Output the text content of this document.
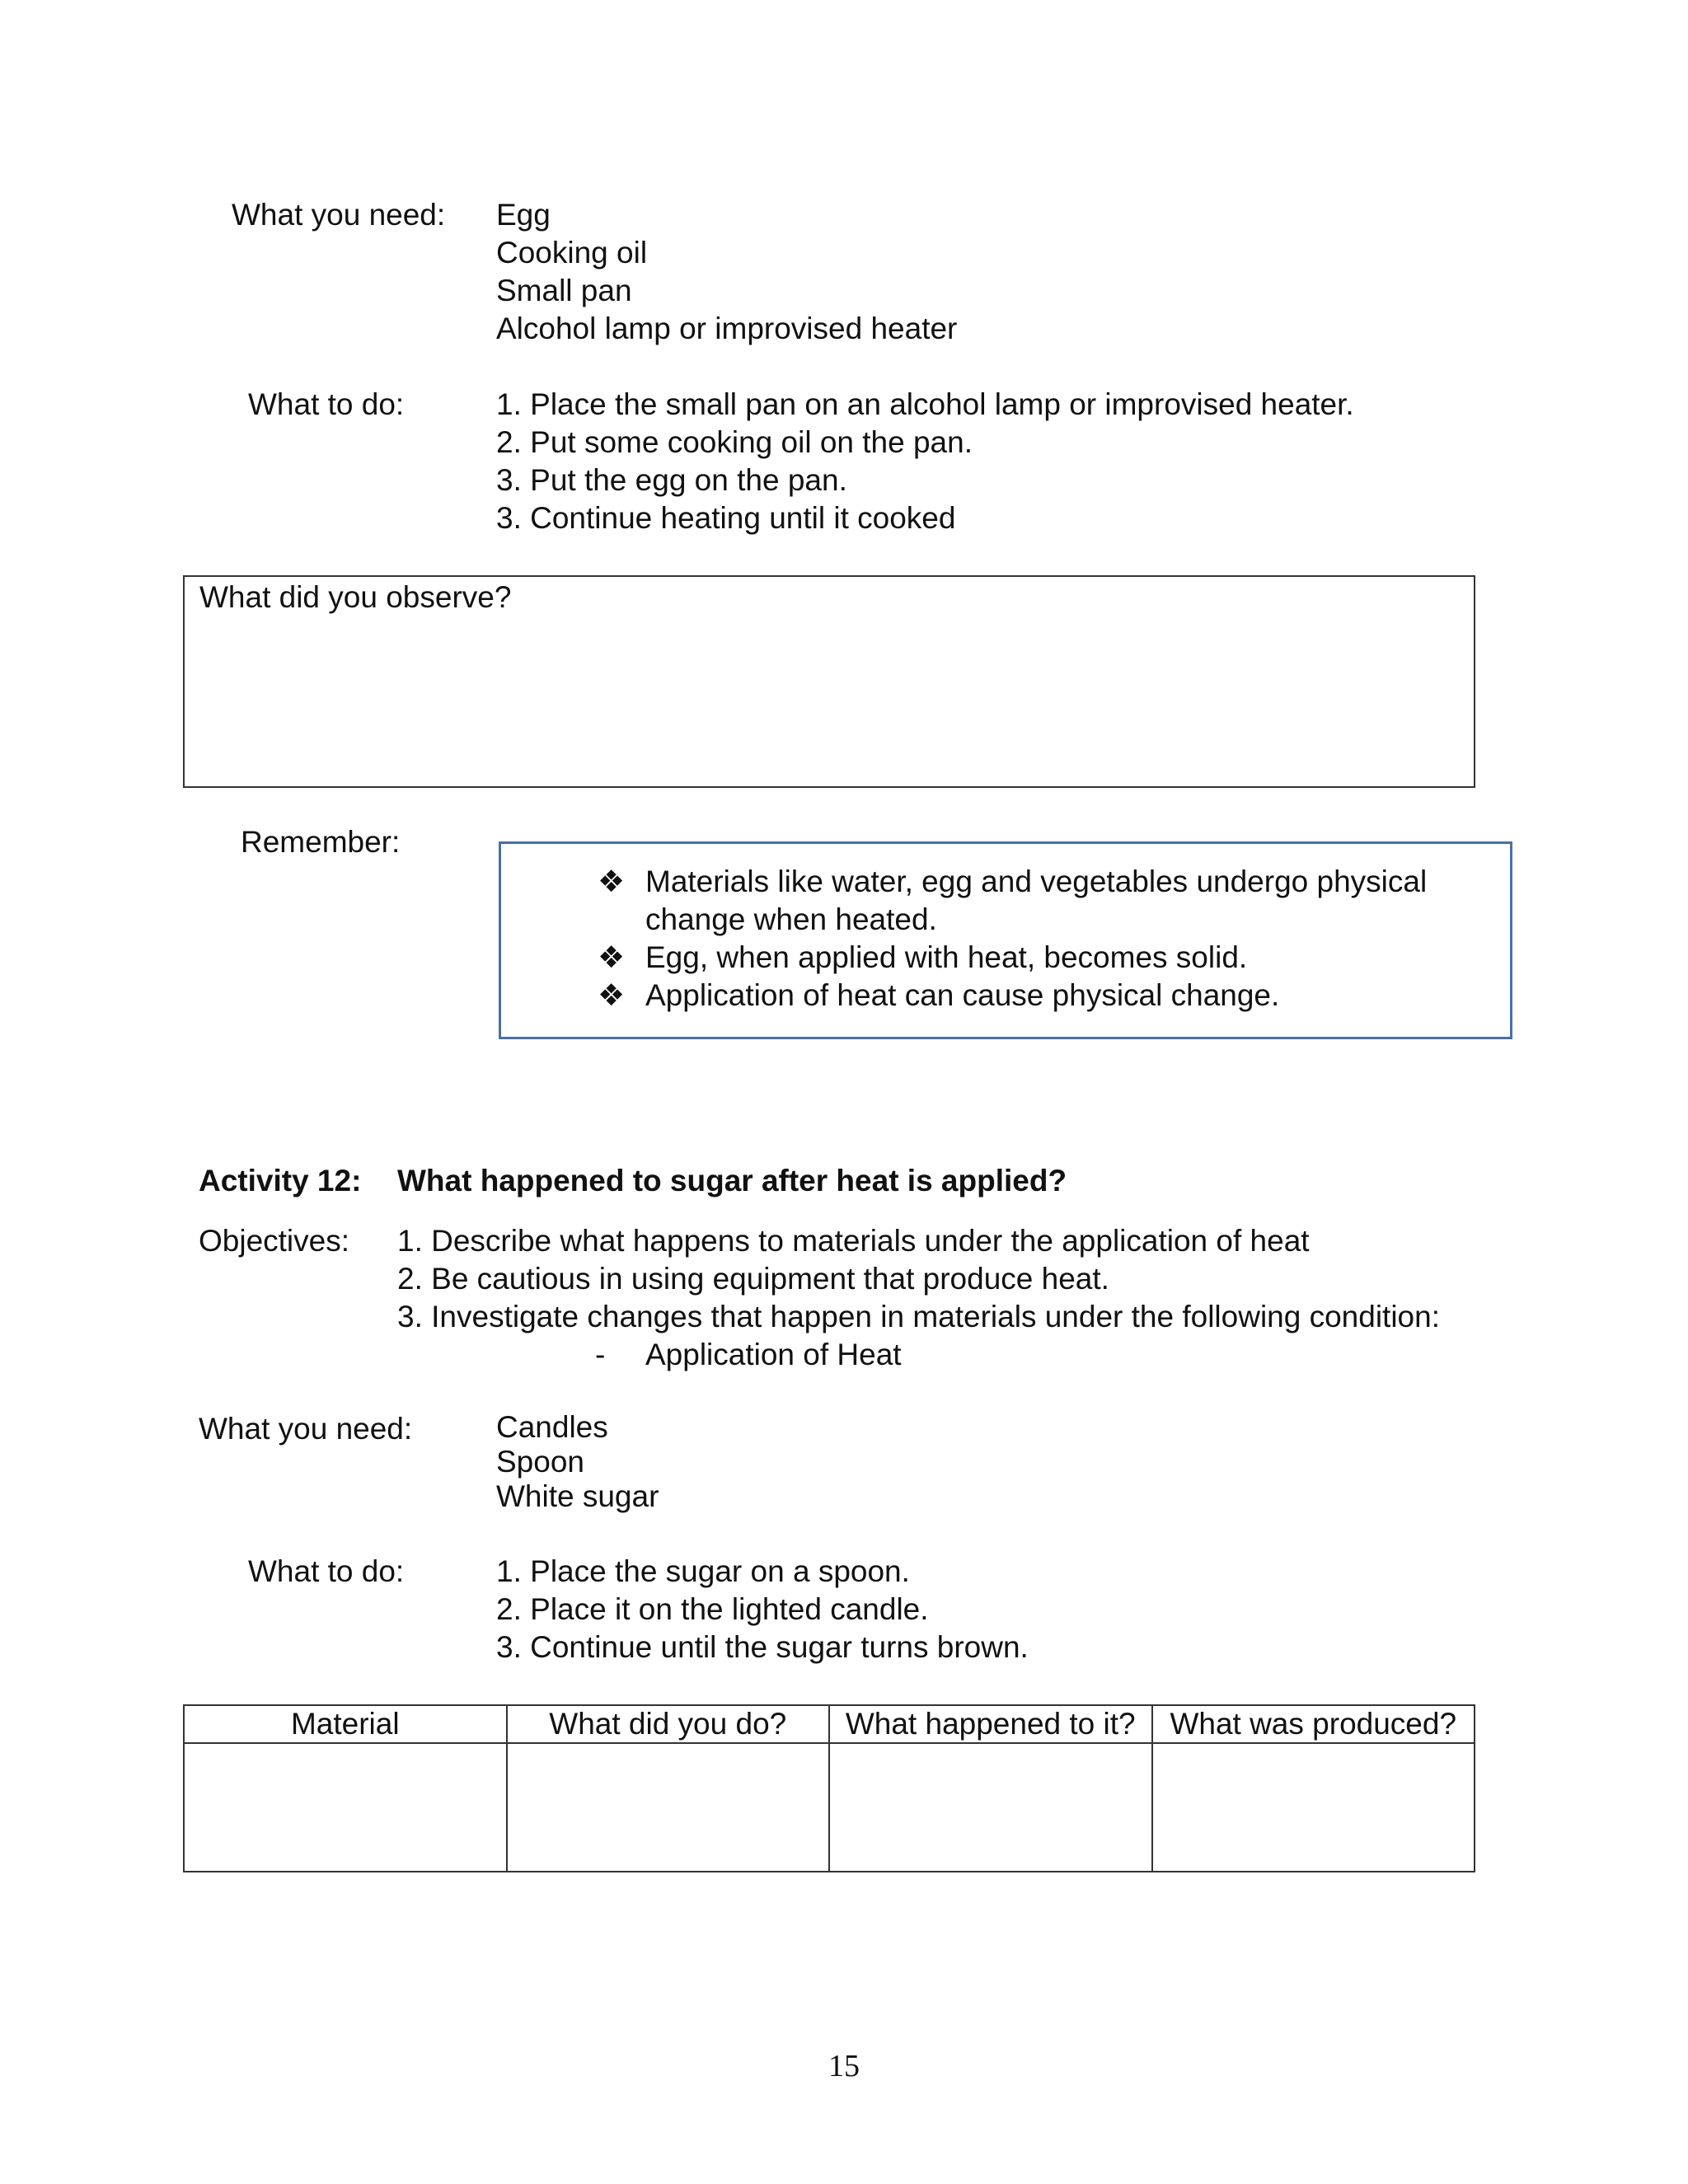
What you need: Egg
Cooking oil
Small pan
Alcohol lamp or improvised heater
What to do:	1. Place the small pan on an alcohol lamp or improvised heater.
2. Put some cooking oil on the pan.
3. Put the egg on the pan.
3. Continue heating until it cooked
What did you observe?
Remember:
❖ Materials like water, egg and vegetables undergo physical
change when heated.
❖ Egg, when applied with heat, becomes solid.
❖ Application of heat can cause physical change.
Activity 12: What happened to sugar after heat is applied?
Objectives: 1. Describe what happens to materials under the application of heat
2. Be cautious in using equipment that produce heat.
3. Investigate changes that happen in materials under the following condition:
- Application of Heat
What you need:	Candles
Spoon
White sugar
What to do:	1. Place the sugar on a spoon.
2. Place it on the lighted candle.
3. Continue until the sugar turns brown.
Material	What did you do?	What happened to it?	What was produced?

15
